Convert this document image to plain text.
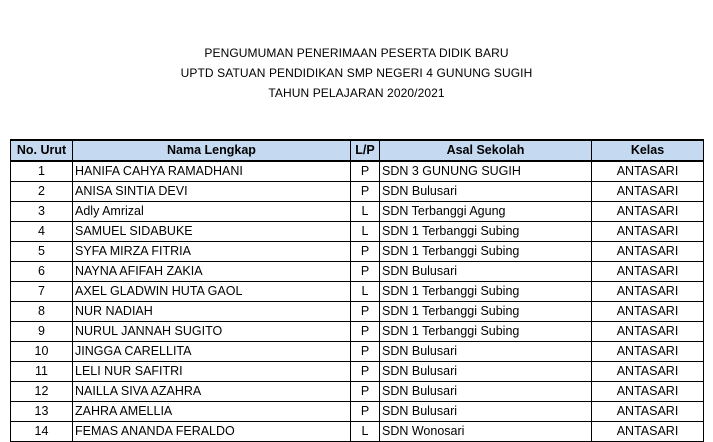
PENGUMUMAN PENERIMAAN PESERTA DIDIK BARU
UPTD SATUAN PENDIDIKAN SMP NEGERI 4 GUNUNG SUGIH
TAHUN PELAJARAN 2020/2021
No. Urut	Nama Lengkap	L/P	Asal Sekolah	Kelas
1	HANIFA CAHYA RAMADHANI	P	SDN 3 GUNUNG SUGIH	ANTASARI
2	ANISA SINTIA DEVI	P	SDN Bulusari	ANTASARI
3	Adly Amrizal	L	SDN Terbanggi Agung	ANTASARI
4	SAMUEL SIDABUKE	L	SDN 1 Terbanggi Subing	ANTASARI
5	SYFA MIRZA FITRIA	P	SDN 1 Terbanggi Subing	ANTASARI
6	NAYNA AFIFAH ZAKIA	P	SDN Bulusari	ANTASARI
7	AXEL GLADWIN HUTA GAOL	L	SDN 1 Terbanggi Subing	ANTASARI
8	NUR NADIAH	P	SDN 1 Terbanggi Subing	ANTASARI
9	NURUL JANNAH SUGITO	P	SDN 1 Terbanggi Subing	ANTASARI
10	JINGGA CARELLITA	P	SDN Bulusari	ANTASARI
11	LELI NUR SAFITRI	P	SDN Bulusari	ANTASARI
12	NAILLA SIVA AZAHRA	P	SDN Bulusari	ANTASARI
13	ZAHRA AMELLIA	P	SDN Bulusari	ANTASARI
14	FEMAS ANANDA FERALDO	L	SDN Wonosari	ANTASARI
